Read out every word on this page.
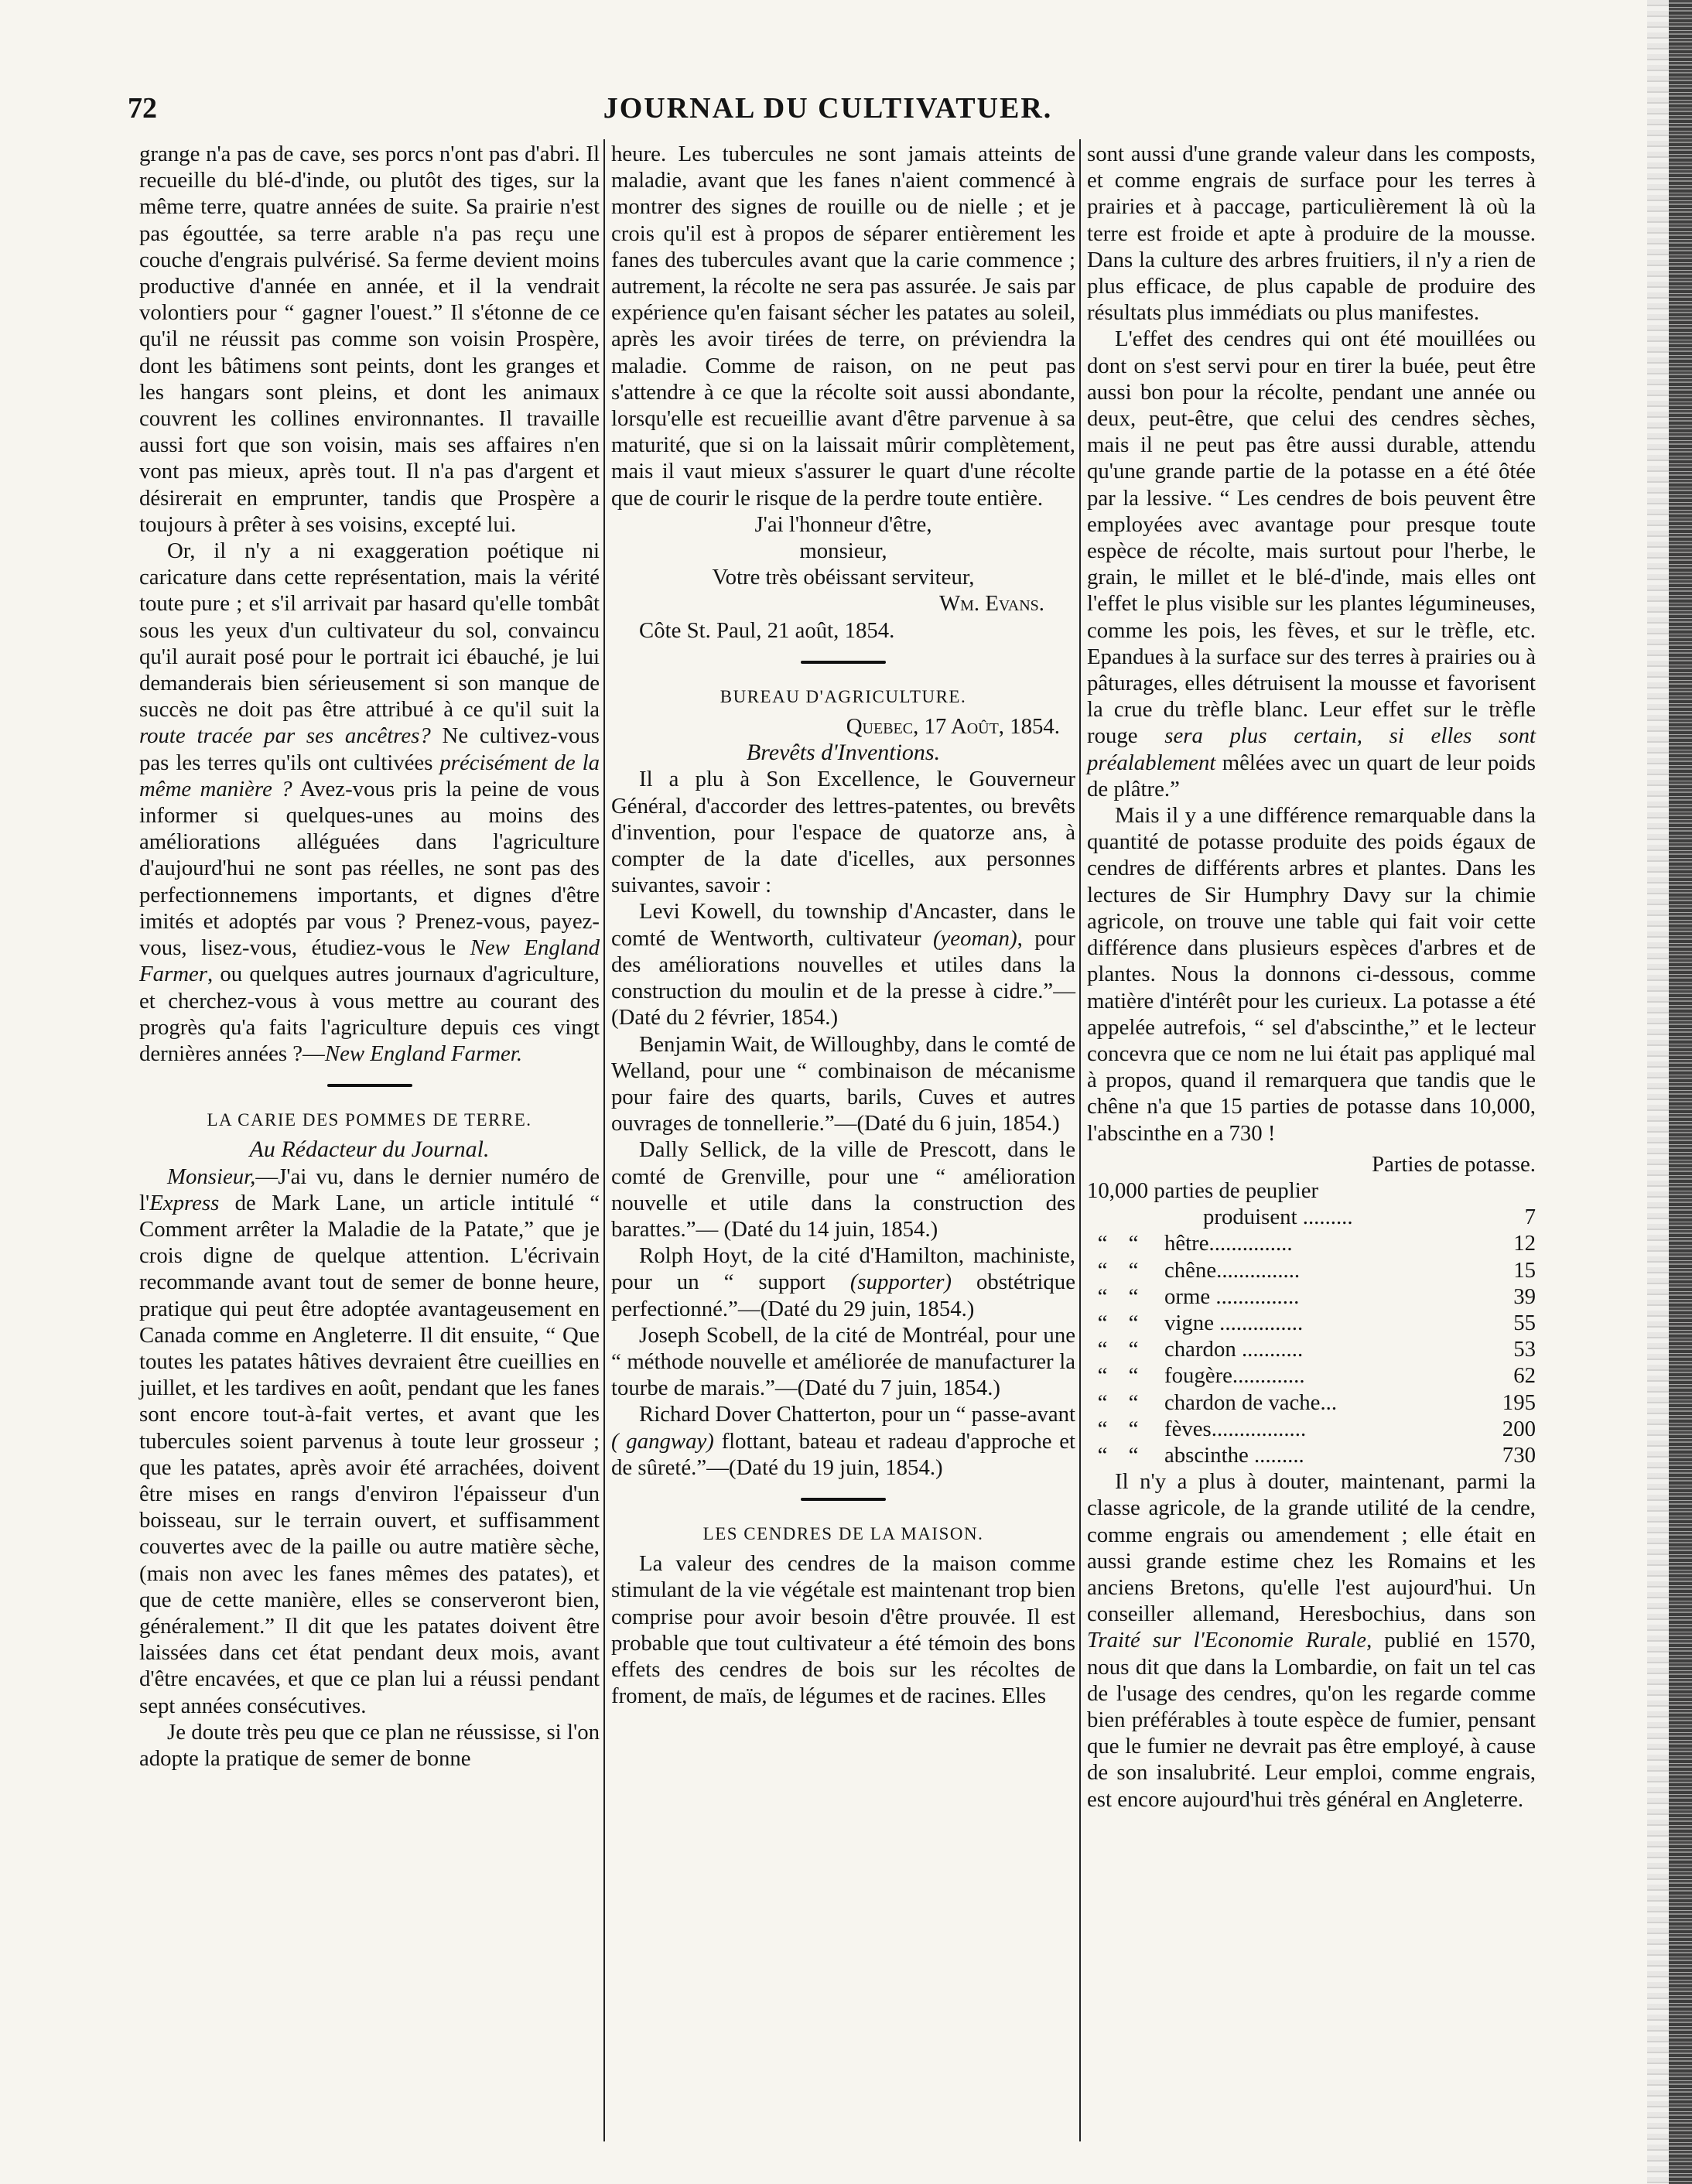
72	JOURNAL DU CULTIVATUER.

grange n'a pas de cave, ses porcs n'ont pas d'abri. Il recueille du blé-d'inde, ou plutôt des tiges, sur la même terre, quatre années de suite. Sa prairie n'est pas égouttée, sa terre arable n'a pas reçu une couche d'engrais pulvérisé. Sa ferme devient moins productive d'année en année, et il la vendrait volontiers pour “ gagner l'ouest.” Il s'étonne de ce qu'il ne réussit pas comme son voisin Prospère, dont les bâtimens sont peints, dont les granges et les hangars sont pleins, et dont les animaux couvrent les collines environnantes. Il travaille aussi fort que son voisin, mais ses affaires n'en vont pas mieux, après tout. Il n'a pas d'argent et désirerait en emprunter, tandis que Prospère a toujours à prêter à ses voisins, excepté lui.

Or, il n'y a ni exaggeration poétique ni caricature dans cette représentation, mais la vérité toute pure ; et s'il arrivait par hasard qu'elle tombât sous les yeux d'un cultivateur du sol, convaincu qu'il aurait posé pour le portrait ici ébauché, je lui demanderais bien sérieusement si son manque de succès ne doit pas être attribué à ce qu'il suit la route tracée par ses ancêtres? Ne cultivez-vous pas les terres qu'ils ont cultivées précisément de la même manière ? Avez-vous pris la peine de vous informer si quelques-unes au moins des améliorations alléguées dans l'agriculture d'aujourd'hui ne sont pas réelles, ne sont pas des perfectionnemens importants, et dignes d'être imités et adoptés par vous ? Prenez-vous, payez-vous, lisez-vous, étudiez-vous le New England Farmer, ou quelques autres journaux d'agriculture, et cherchez-vous à vous mettre au courant des progrès qu'a faits l'agriculture depuis ces vingt dernières années ?—New England Farmer.

LA CARIE DES POMMES DE TERRE.
Au Rédacteur du Journal.

Monsieur,—J'ai vu, dans le dernier numéro de l'Express de Mark Lane, un article intitulé “ Comment arrêter la Maladie de la Patate,” que je crois digne de quelque attention. L'écrivain recommande avant tout de semer de bonne heure, pratique qui peut être adoptée avantageusement en Canada comme en Angleterre. Il dit ensuite, “ Que toutes les patates hâtives devraient être cueillies en juillet, et les tardives en août, pendant que les fanes sont encore tout-à-fait vertes, et avant que les tubercules soient parvenus à toute leur grosseur ; que les patates, après avoir été arrachées, doivent être mises en rangs d'environ l'épaisseur d'un boisseau, sur le terrain ouvert, et suffisamment couvertes avec de la paille ou autre matière sèche, (mais non avec les fanes mêmes des patates), et que de cette manière, elles se conserveront bien, généralement.” Il dit que les patates doivent être laissées dans cet état pendant deux mois, avant d'être encavées, et que ce plan lui a réussi pendant sept années consécutives.

Je doute très peu que ce plan ne réussisse, si l'on adopte la pratique de semer de bonne

heure. Les tubercules ne sont jamais atteints de maladie, avant que les fanes n'aient commencé à montrer des signes de rouille ou de nielle ; et je crois qu'il est à propos de séparer entièrement les fanes des tubercules avant que la carie commence ; autrement, la récolte ne sera pas assurée. Je sais par expérience qu'en faisant sécher les patates au soleil, après les avoir tirées de terre, on préviendra la maladie. Comme de raison, on ne peut pas s'attendre à ce que la récolte soit aussi abondante, lorsqu'elle est recueillie avant d'être parvenue à sa maturité, que si on la laissait mûrir complètement, mais il vaut mieux s'assurer le quart d'une récolte que de courir le risque de la perdre toute entière.

J'ai l'honneur d'être,
monsieur,
Votre très obéissant serviteur,
Wm. Evans.

Côte St. Paul, 21 août, 1854.

BUREAU D'AGRICULTURE.
Quebec, 17 Août, 1854.
Brevêts d'Inventions.

Il a plu à Son Excellence, le Gouverneur Général, d'accorder des lettres-patentes, ou brevêts d'invention, pour l'espace de quatorze ans, à compter de la date d'icelles, aux personnes suivantes, savoir :

Levi Kowell, du township d'Ancaster, dans le comté de Wentworth, cultivateur (yeoman), pour des améliorations nouvelles et utiles dans la construction du moulin et de la presse à cidre.”—(Daté du 2 février, 1854.)

Benjamin Wait, de Willoughby, dans le comté de Welland, pour une “ combinaison de mécanisme pour faire des quarts, barils, Cuves et autres ouvrages de tonnellerie.”—(Daté du 6 juin, 1854.)

Dally Sellick, de la ville de Prescott, dans le comté de Grenville, pour une “ amélioration nouvelle et utile dans la construction des barattes.”— (Daté du 14 juin, 1854.)

Rolph Hoyt, de la cité d'Hamilton, machiniste, pour un “ support (supporter) obstétrique perfectionné.”—(Daté du 29 juin, 1854.)

Joseph Scobell, de la cité de Montréal, pour une “ méthode nouvelle et améliorée de manufacturer la tourbe de marais.”—(Daté du 7 juin, 1854.)

Richard Dover Chatterton, pour un “ passe-avant ( gangway) flottant, bateau et radeau d'approche et de sûreté.”—(Daté du 19 juin, 1854.)

LES CENDRES DE LA MAISON.

La valeur des cendres de la maison comme stimulant de la vie végétale est maintenant trop bien comprise pour avoir besoin d'être prouvée. Il est probable que tout cultivateur a été témoin des bons effets des cendres de bois sur les récoltes de froment, de maïs, de légumes et de racines. Elles

sont aussi d'une grande valeur dans les composts, et comme engrais de surface pour les terres à prairies et à paccage, particulièrement là où la terre est froide et apte à produire de la mousse. Dans la culture des arbres fruitiers, il n'y a rien de plus efficace, de plus capable de produire des résultats plus immédiats ou plus manifestes.

L'effet des cendres qui ont été mouillées ou dont on s'est servi pour en tirer la buée, peut être aussi bon pour la récolte, pendant une année ou deux, peut-être, que celui des cendres sèches, mais il ne peut pas être aussi durable, attendu qu'une grande partie de la potasse en a été ôtée par la lessive. “ Les cendres de bois peuvent être employées avec avantage pour presque toute espèce de récolte, mais surtout pour l'herbe, le grain, le millet et le blé-d'inde, mais elles ont l'effet le plus visible sur les plantes légumineuses, comme les pois, les fèves, et sur le trèfle, etc. Epandues à la surface sur des terres à prairies ou à pâturages, elles détruisent la mousse et favorisent la crue du trèfle blanc. Leur effet sur le trèfle rouge sera plus certain, si elles sont préalablement mêlées avec un quart de leur poids de plâtre.”

Mais il y a une différence remarquable dans la quantité de potasse produite des poids égaux de cendres de différents arbres et plantes. Dans les lectures de Sir Humphry Davy sur la chimie agricole, on trouve une table qui fait voir cette différence dans plusieurs espèces d'arbres et de plantes. Nous la donnons ci-dessous, comme matière d'intérêt pour les curieux. La potasse a été appelée autrefois, “ sel d'abscinthe,” et le lecteur concevra que ce nom ne lui était pas appliqué mal à propos, quand il remarquera que tandis que le chêne n'a que 15 parties de potasse dans 10,000, l'abscinthe en a 730 !

Parties de potasse.
10,000 parties de peuplier			
produisent .........			7
“	“	hêtre...............	12
“	“	chêne...............	15
“	“	orme ...............	39
“	“	vigne ...............	55
“	“	chardon ...........	53
“	“	fougère.............	62
“	“	chardon de vache...	195
“	“	fèves.................	200
“	“	abscinthe .........	730

Il n'y a plus à douter, maintenant, parmi la classe agricole, de la grande utilité de la cendre, comme engrais ou amendement ; elle était en aussi grande estime chez les Romains et les anciens Bretons, qu'elle l'est aujourd'hui. Un conseiller allemand, Heresbochius, dans son Traité sur l'Economie Rurale, publié en 1570, nous dit que dans la Lombardie, on fait un tel cas de l'usage des cendres, qu'on les regarde comme bien préférables à toute espèce de fumier, pensant que le fumier ne devrait pas être employé, à cause de son insalubrité. Leur emploi, comme engrais, est encore aujourd'hui très général en Angleterre.
